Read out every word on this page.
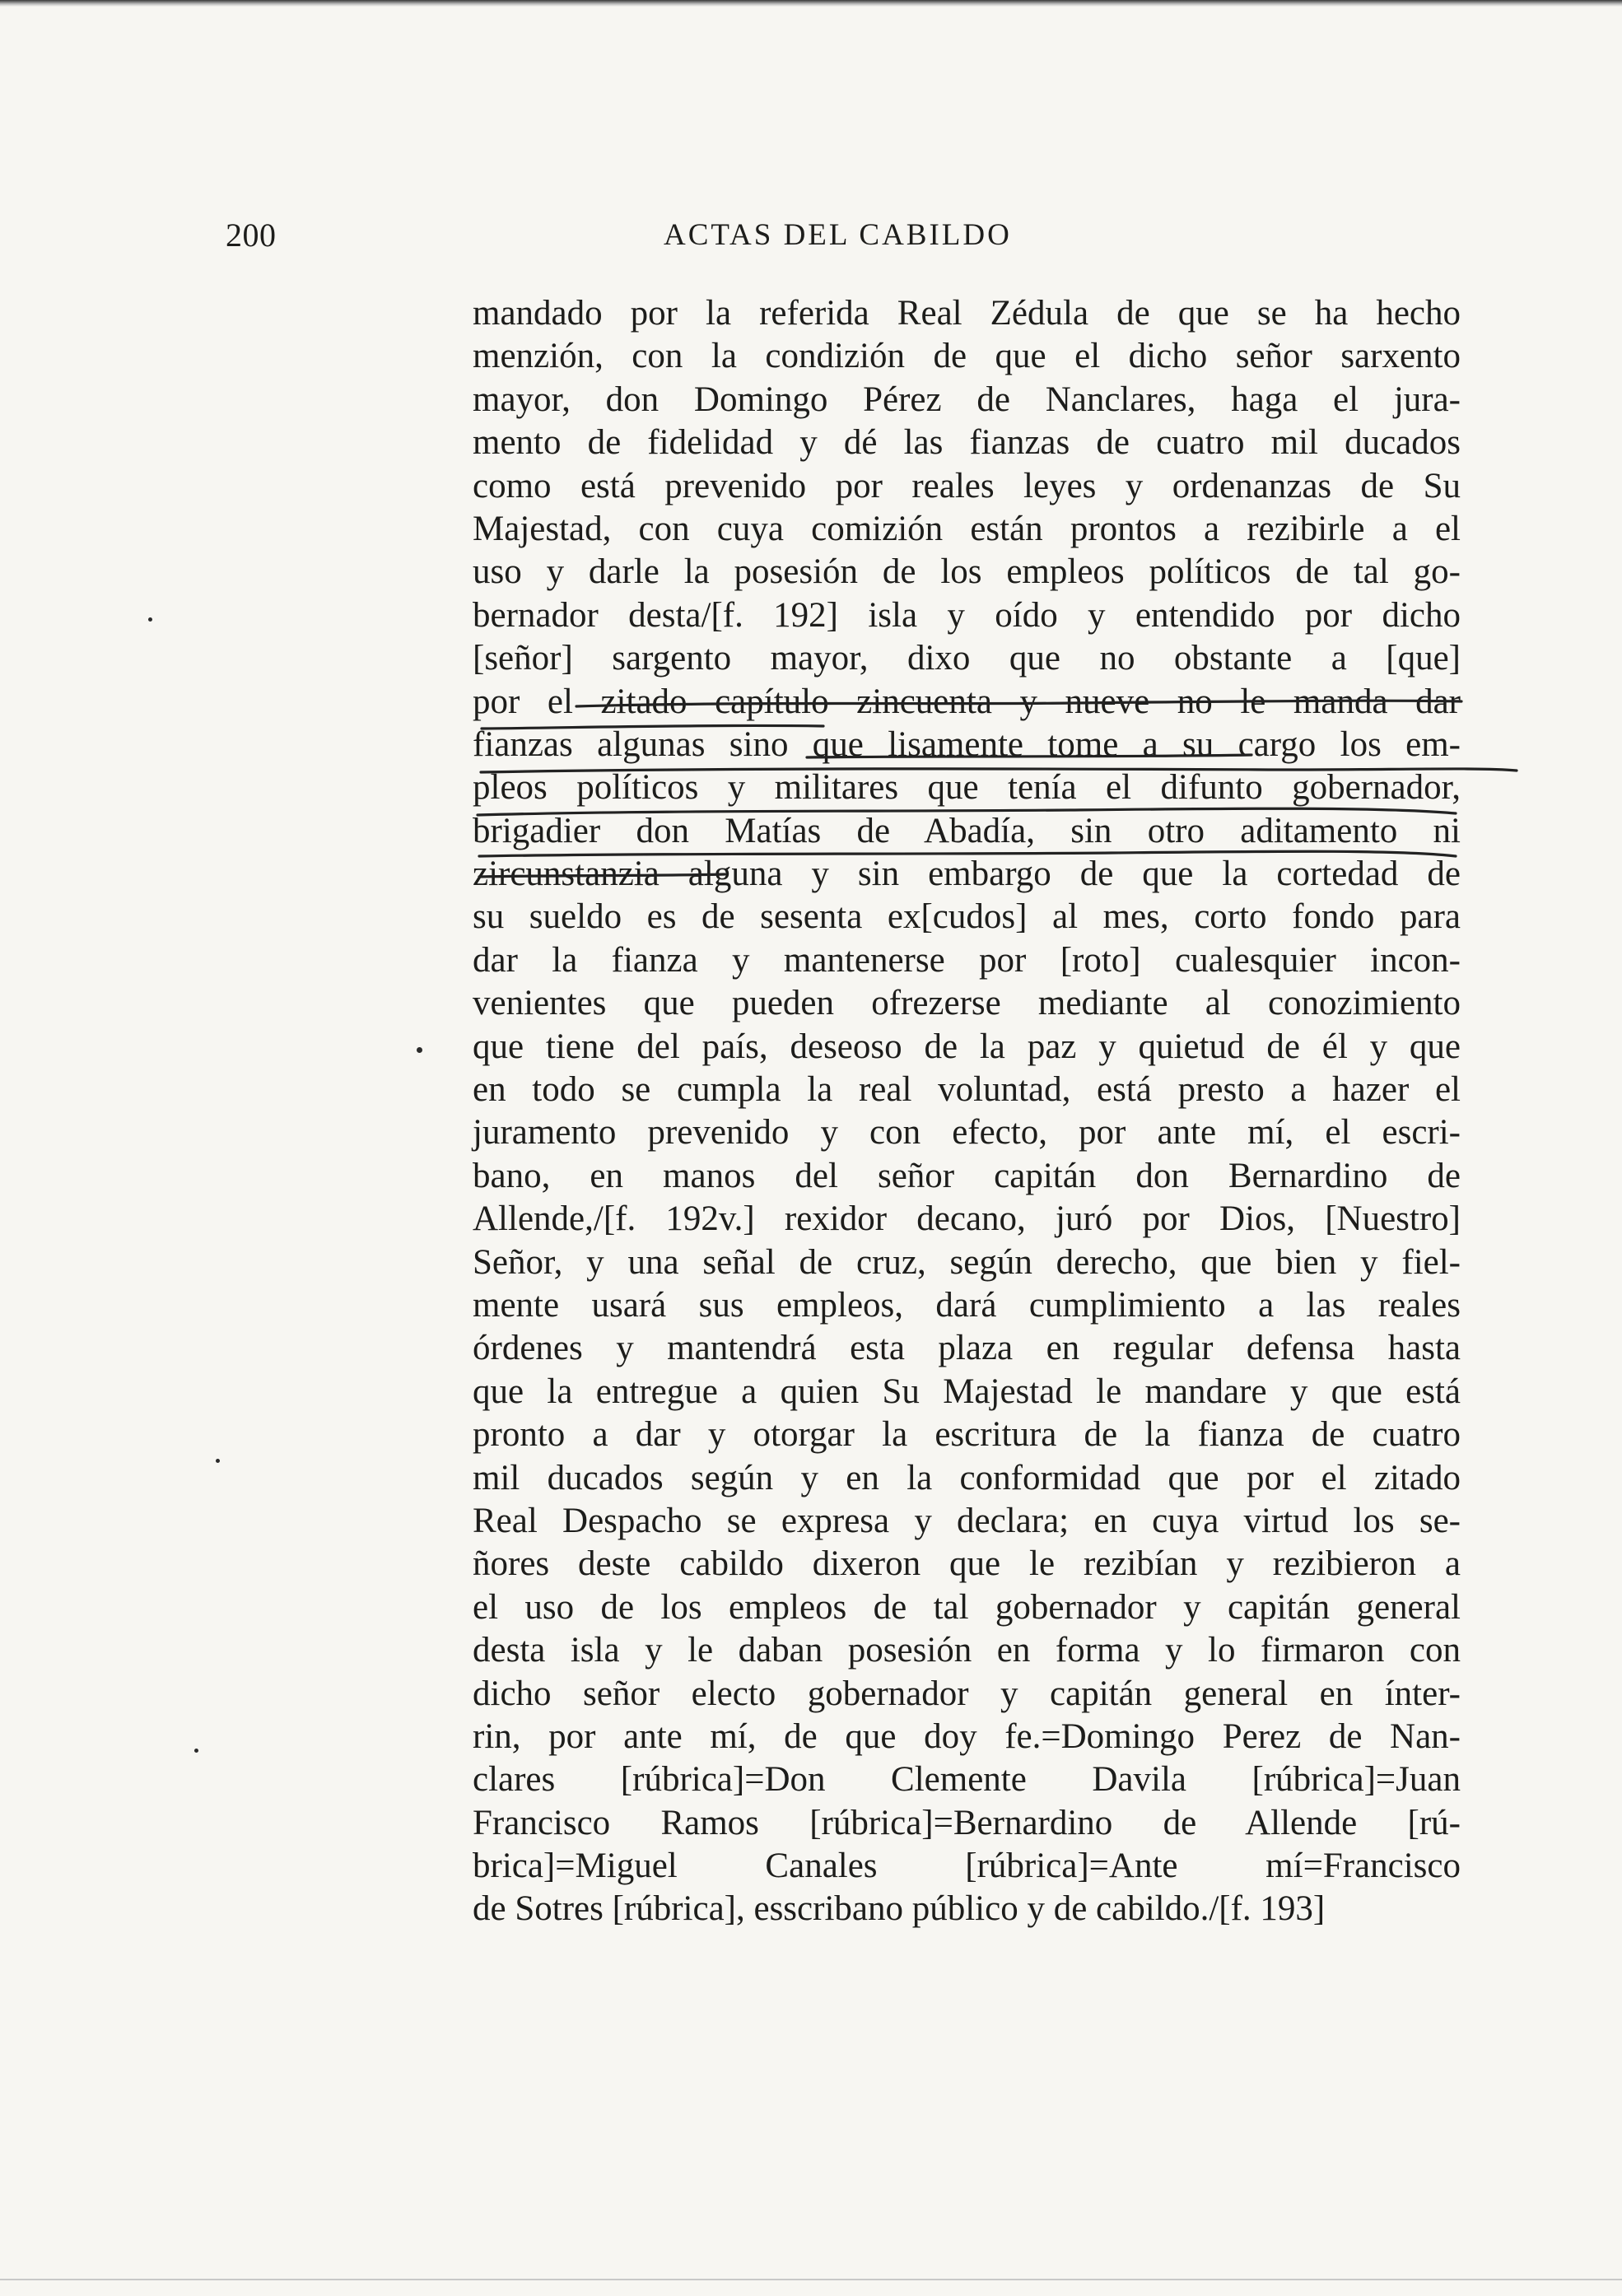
200	ACTAS DEL CABILDO
mandado por la referida Real Zédula de que se ha hecho
menzión, con la condizión de que el dicho señor sarxento
mayor, don Domingo Pérez de Nanclares, haga el jura-
mento de fidelidad y dé las fianzas de cuatro mil ducados
como está prevenido por reales leyes y ordenanzas de Su
Majestad, con cuya comizión están prontos a rezibirle a el
uso y darle la posesión de los empleos políticos de tal go-
bernador desta/[f. 192] isla y oído y entendido por dicho
[señor] sargento mayor, dixo que no obstante a [que]
por el zitado capítulo zincuenta y nueve no le manda dar
fianzas algunas sino que lisamente tome a su cargo los em-
pleos políticos y militares que tenía el difunto gobernador,
brigadier don Matías de Abadía, sin otro aditamento ni
zircunstanzia alguna y sin embargo de que la cortedad de
su sueldo es de sesenta ex[cudos] al mes, corto fondo para
dar la fianza y mantenerse por [roto] cualesquier incon-
venientes que pueden ofrezerse mediante al conozimiento
que tiene del país, deseoso de la paz y quietud de él y que
en todo se cumpla la real voluntad, está presto a hazer el
juramento prevenido y con efecto, por ante mí, el escri-
bano, en manos del señor capitán don Bernardino de
Allende,/[f. 192v.] rexidor decano, juró por Dios, [Nuestro]
Señor, y una señal de cruz, según derecho, que bien y fiel-
mente usará sus empleos, dará cumplimiento a las reales
órdenes y mantendrá esta plaza en regular defensa hasta
que la entregue a quien Su Majestad le mandare y que está
pronto a dar y otorgar la escritura de la fianza de cuatro
mil ducados según y en la conformidad que por el zitado
Real Despacho se expresa y declara; en cuya virtud los se-
ñores deste cabildo dixeron que le rezibían y rezibieron a
el uso de los empleos de tal gobernador y capitán general
desta isla y le daban posesión en forma y lo firmaron con
dicho señor electo gobernador y capitán general en ínter-
rin, por ante mí, de que doy fe.=Domingo Perez de Nan-
clares [rúbrica]=Don Clemente Davila [rúbrica]=Juan
Francisco Ramos [rúbrica]=Bernardino de Allende [rú-
brica]=Miguel Canales [rúbrica]=Ante mí=Francisco
de Sotres [rúbrica], esscribano público y de cabildo./[f. 193]
